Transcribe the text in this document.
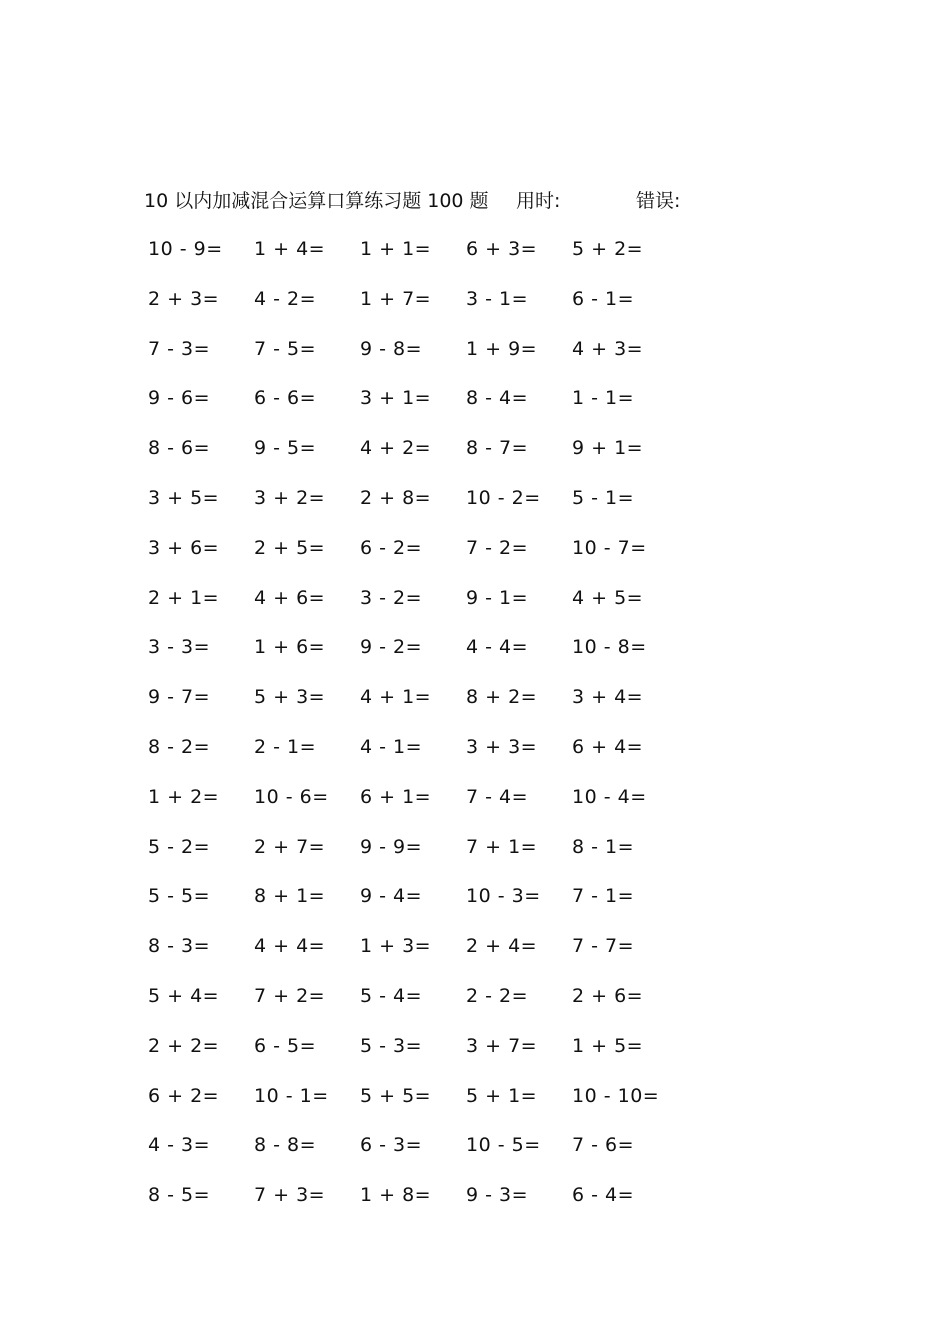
10 以内加减混合运算口算练习题 100 题 用时:	错误:
10 - 9= 1 + 4= 1 + 1= 6 + 3= 5 + 2=
2 + 3= 4 - 2= 1 + 7= 3 - 1= 6 - 1=
7 - 3= 7 - 5= 9 - 8= 1 + 9= 4 + 3=
9 - 6= 6 - 6= 3 + 1= 8 - 4= 1 - 1=
8 - 6= 9 - 5= 4 + 2= 8 - 7= 9 + 1=
3 + 5= 3 + 2= 2 + 8= 10 - 2= 5 - 1=
3 + 6= 2 + 5= 6 - 2= 7 - 2= 10 - 7=
2 + 1= 4 + 6= 3 - 2= 9 - 1= 4 + 5=
3 - 3= 1 + 6= 9 - 2= 4 - 4= 10 - 8=
9 - 7= 5 + 3= 4 + 1= 8 + 2= 3 + 4=
8 - 2= 2 - 1= 4 - 1= 3 + 3= 6 + 4=
1 + 2= 10 - 6= 6 + 1= 7 - 4= 10 - 4=
5 - 2= 2 + 7= 9 - 9= 7 + 1= 8 - 1=
5 - 5= 8 + 1= 9 - 4= 10 - 3= 7 - 1=
8 - 3= 4 + 4= 1 + 3= 2 + 4= 7 - 7=
5 + 4= 7 + 2= 5 - 4= 2 - 2= 2 + 6=
2 + 2= 6 - 5= 5 - 3= 3 + 7= 1 + 5=
6 + 2= 10 - 1= 5 + 5= 5 + 1= 10 - 10=
4 - 3= 8 - 8= 6 - 3= 10 - 5= 7 - 6=
8 - 5= 7 + 3= 1 + 8= 9 - 3= 6 - 4=
